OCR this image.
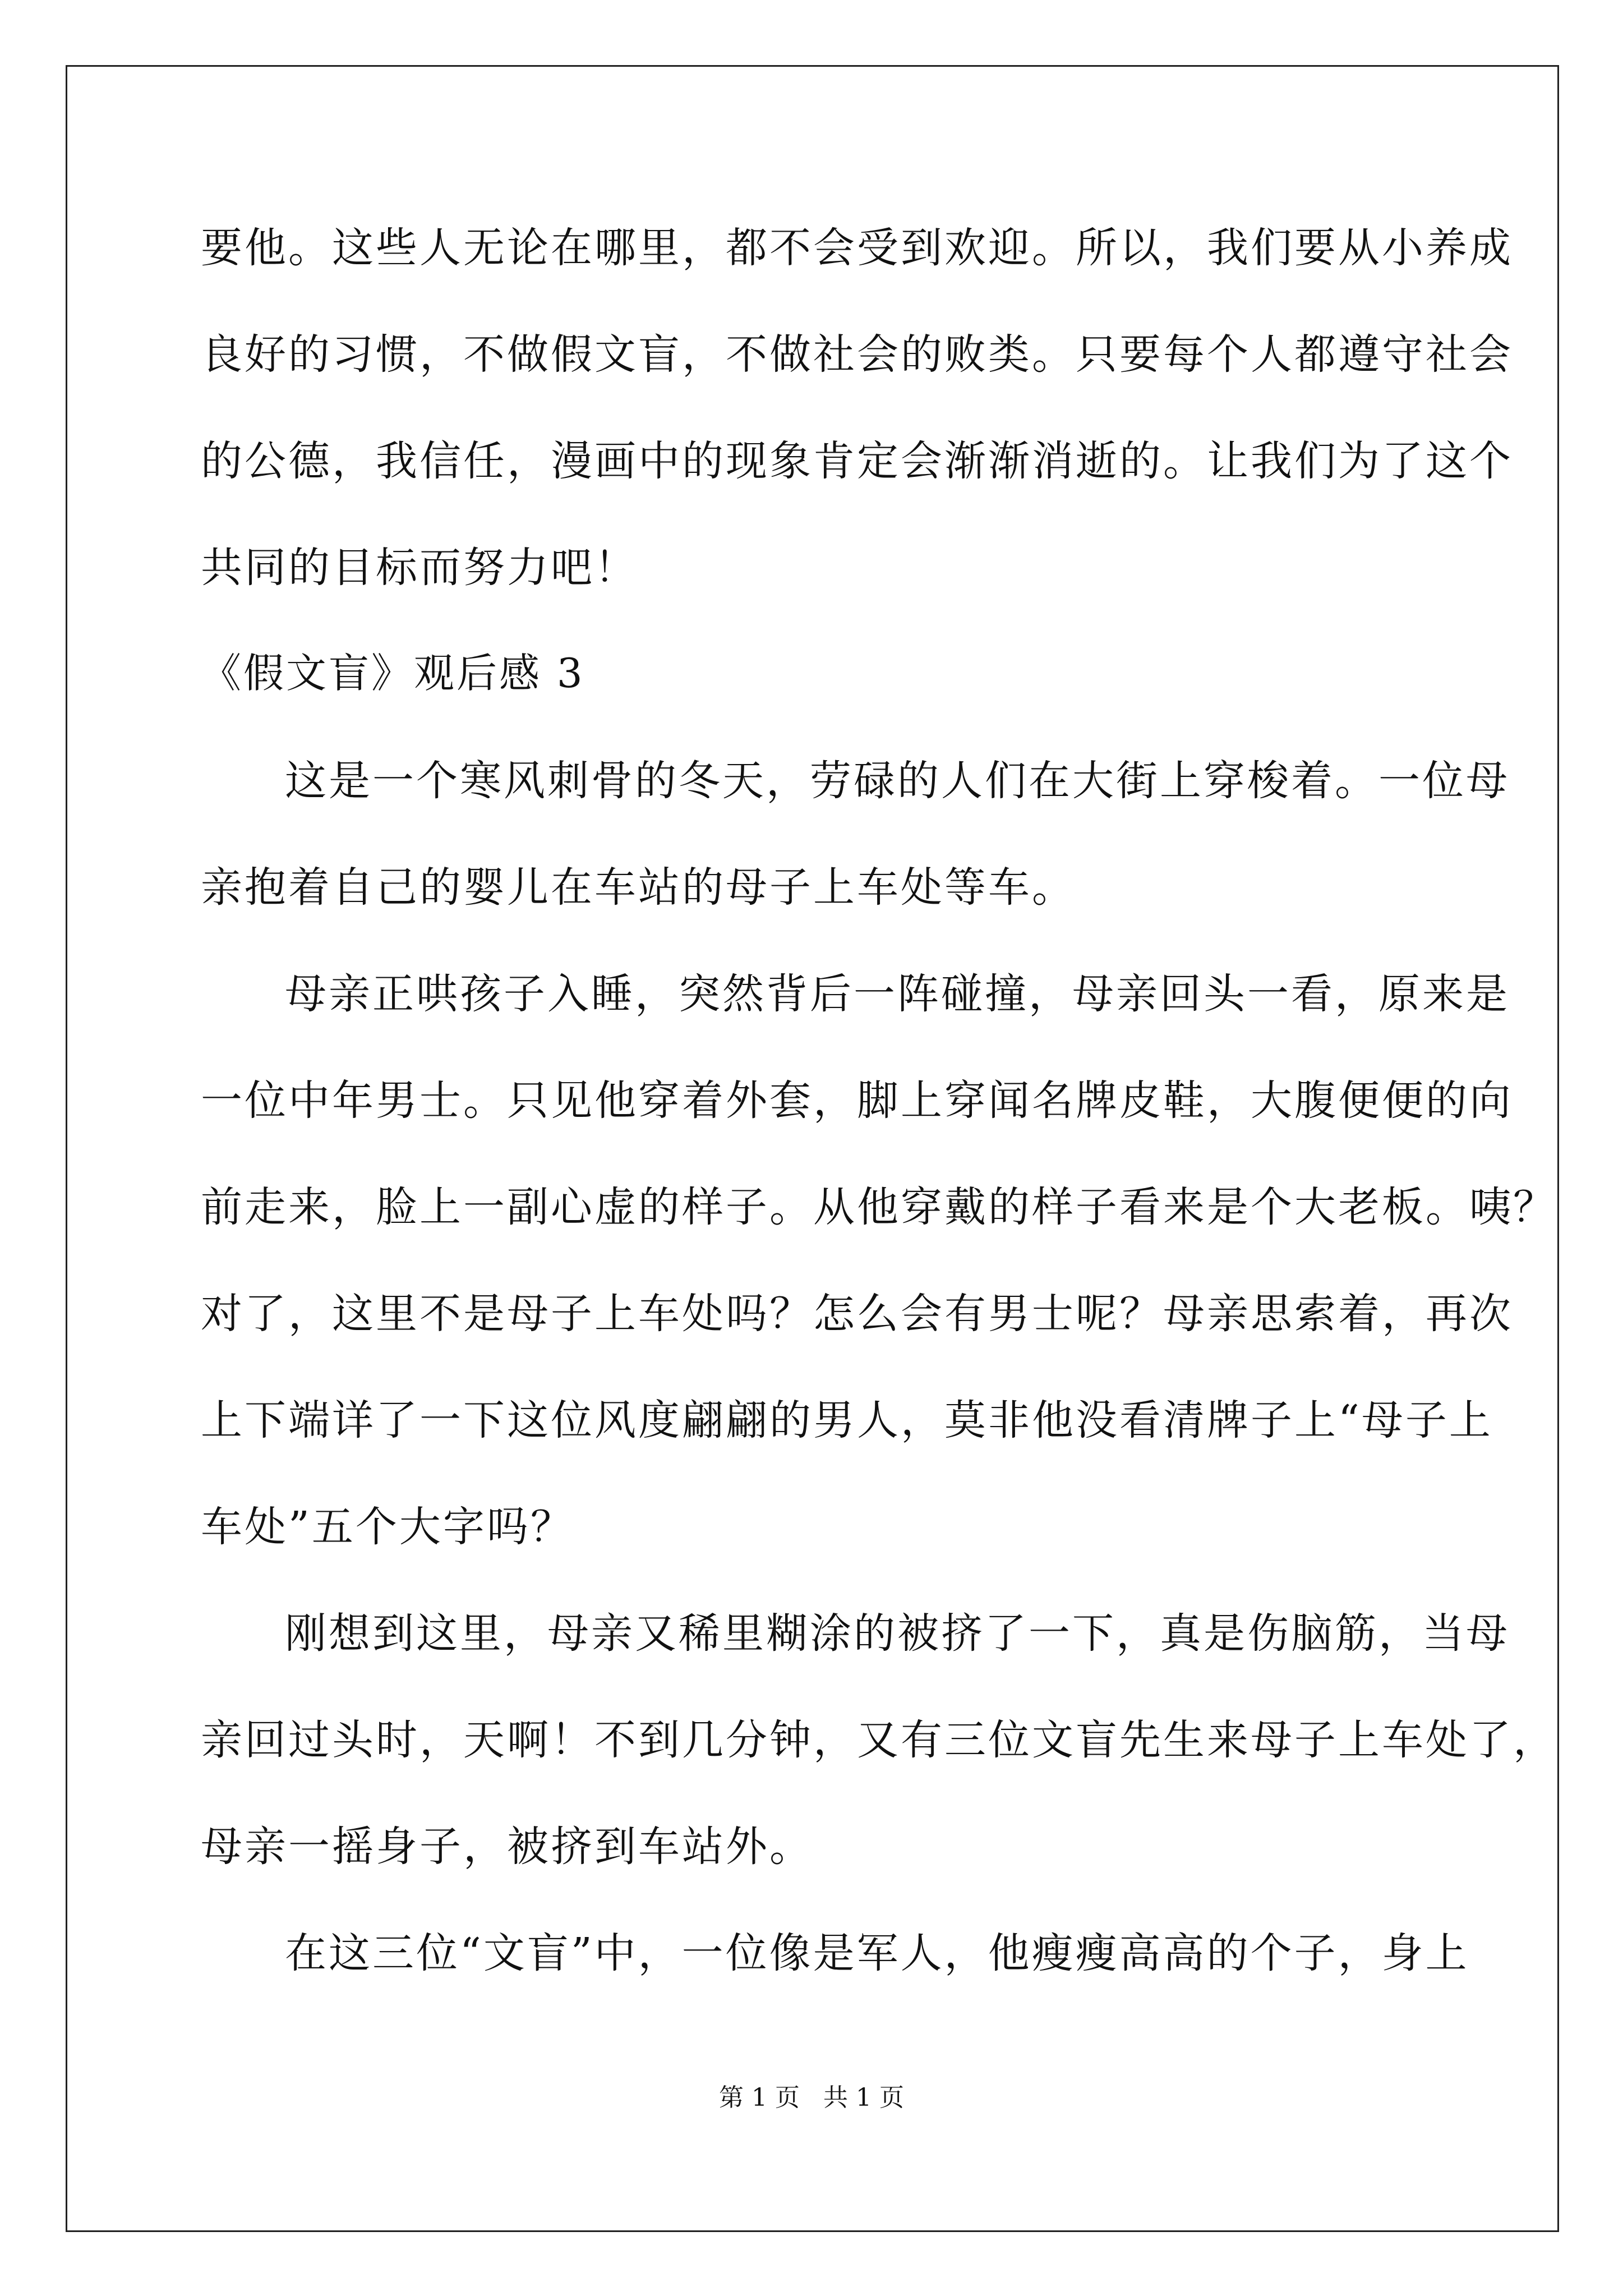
要他。这些人无论在哪里，都不会受到欢迎。所以，我们要从小养成
良好的习惯，不做假文盲，不做社会的败类。只要每个人都遵守社会
的公德，我信任，漫画中的现象肯定会渐渐消逝的。让我们为了这个
共同的目标而努力吧！
《假文盲》观后感 3
这是一个寒风刺骨的冬天，劳碌的人们在大街上穿梭着。一位母
亲抱着自己的婴儿在车站的母子上车处等车。
母亲正哄孩子入睡，突然背后一阵碰撞，母亲回头一看，原来是
一位中年男士。只见他穿着外套，脚上穿闻名牌皮鞋，大腹便便的向
前走来，脸上一副心虚的样子。从他穿戴的样子看来是个大老板。咦？
对了，这里不是母子上车处吗？怎么会有男士呢？母亲思索着，再次
上下端详了一下这位风度翩翩的男人，莫非他没看清牌子上“母子上
车处”五个大字吗？
刚想到这里，母亲又稀里糊涂的被挤了一下，真是伤脑筋，当母
亲回过头时，天啊！不到几分钟，又有三位文盲先生来母子上车处了，
母亲一摇身子，被挤到车站外。
在这三位“文盲”中，一位像是军人，他瘦瘦高高的个子，身上
第 1 页   共 1 页
